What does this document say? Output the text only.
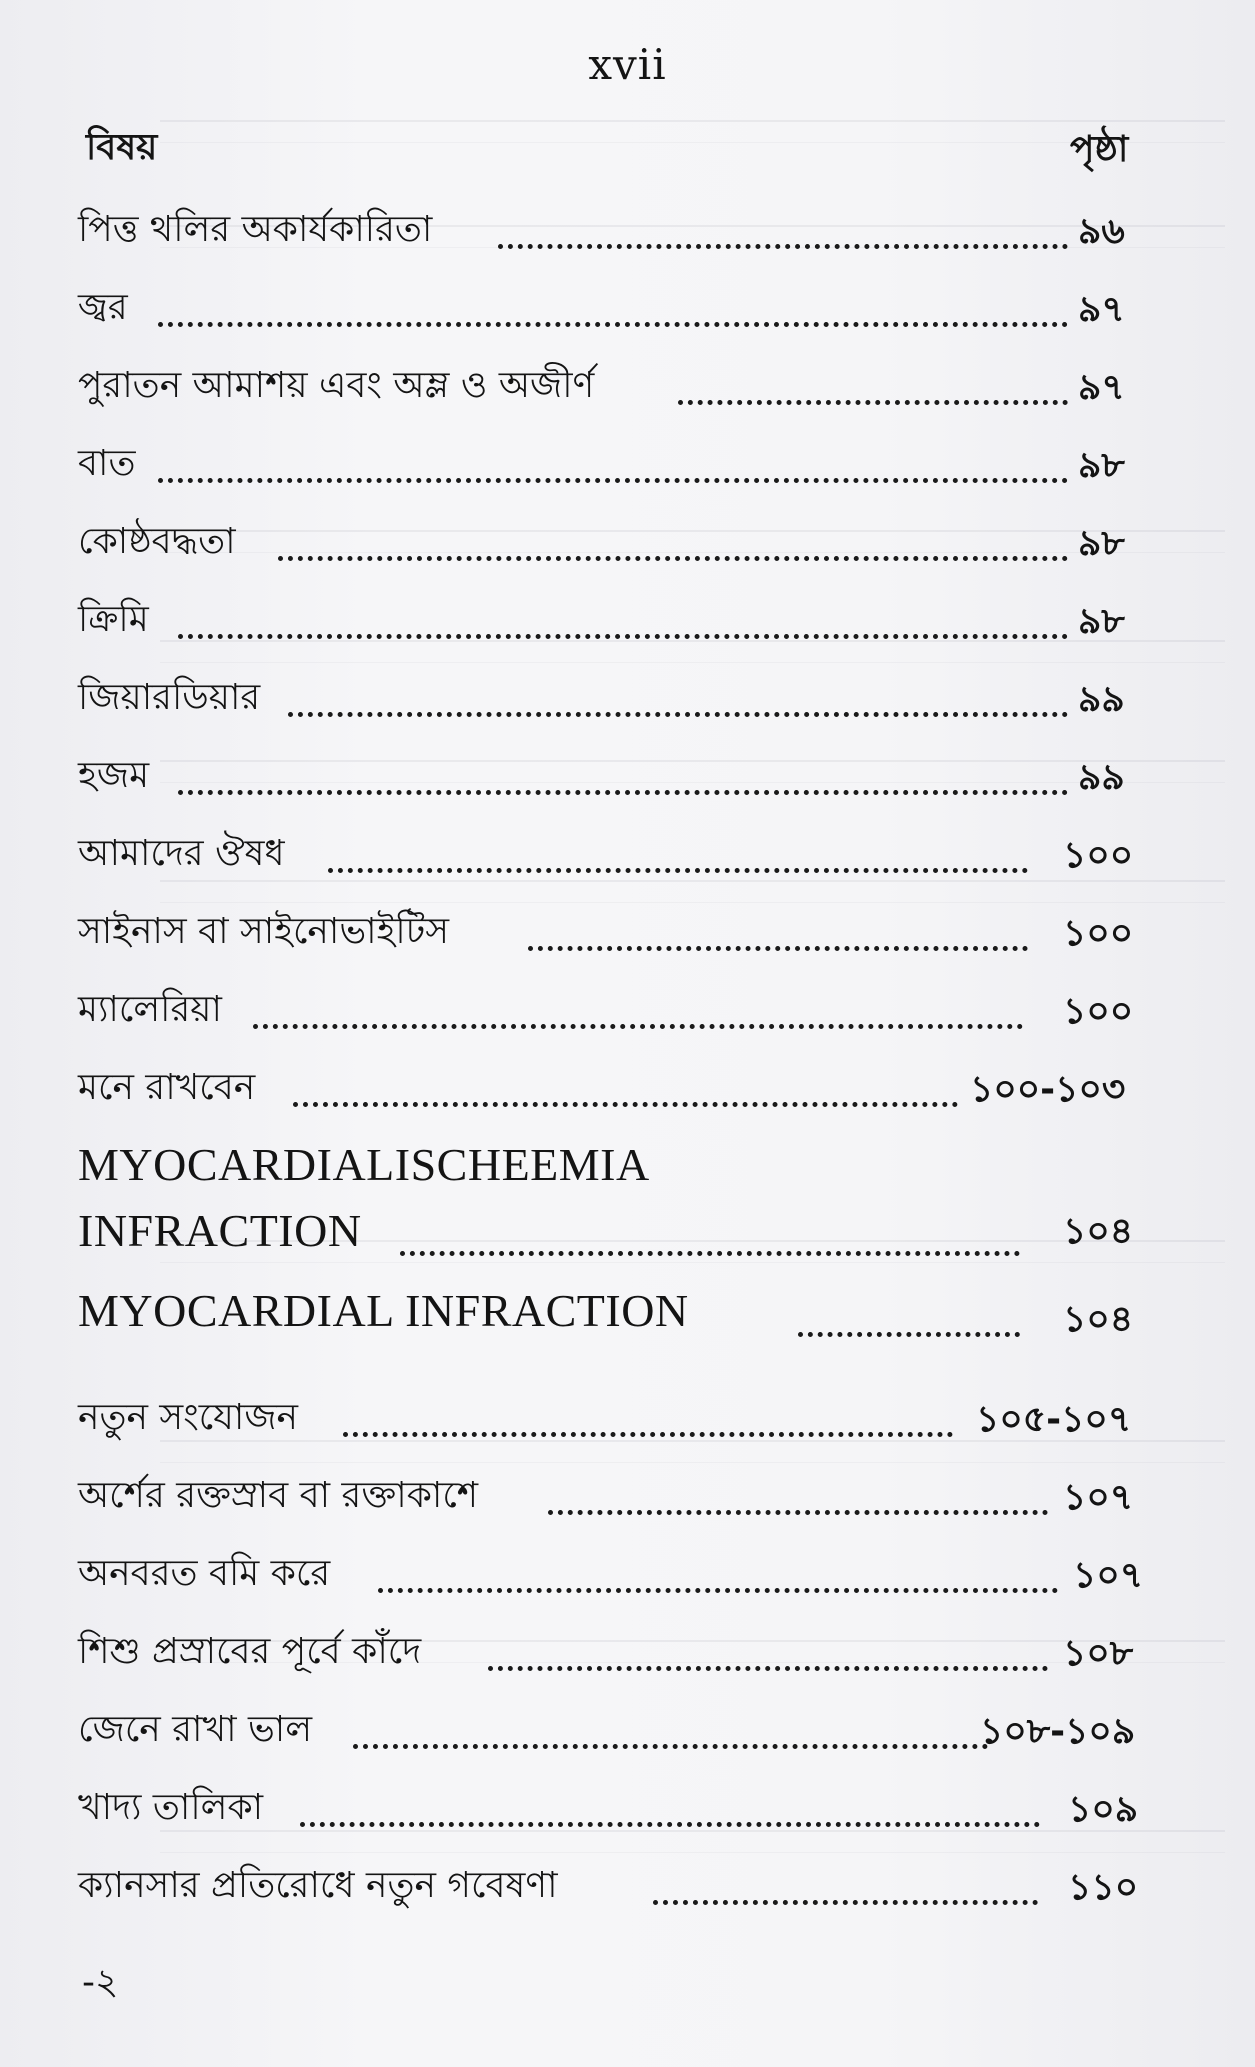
xvii
বিষয়	পৃষ্ঠা
পিত্ত থলির অকার্যকারিতা	৯৬
জ্বর	৯৭
পুরাতন আমাশয় এবং অম্ল ও অজীর্ণ	৯৭
বাত	৯৮
কোষ্ঠবদ্ধতা	৯৮
ক্রিমি	৯৮
জিয়ারডিয়ার	৯৯
হজম	৯৯
আমাদের ঔষধ	১০০
সাইনাস বা সাইনোভাইটিস	১০০
ম্যালেরিয়া	১০০
মনে রাখবেন	১০০-১০৩
MYOCARDIALISCHEEMIA
INFRACTION	১০৪
MYOCARDIAL INFRACTION	১০৪
নতুন সংযোজন	১০৫-১০৭
অর্শের রক্তস্রাব বা রক্তাকাশে	১০৭
অনবরত বমি করে	১০৭
শিশু প্রস্রাবের পূর্বে কাঁদে	১০৮
জেনে রাখা ভাল	১০৮-১০৯
খাদ্য তালিকা	১০৯
ক্যানসার প্রতিরোধে নতুন গবেষণা	১১০
-২
